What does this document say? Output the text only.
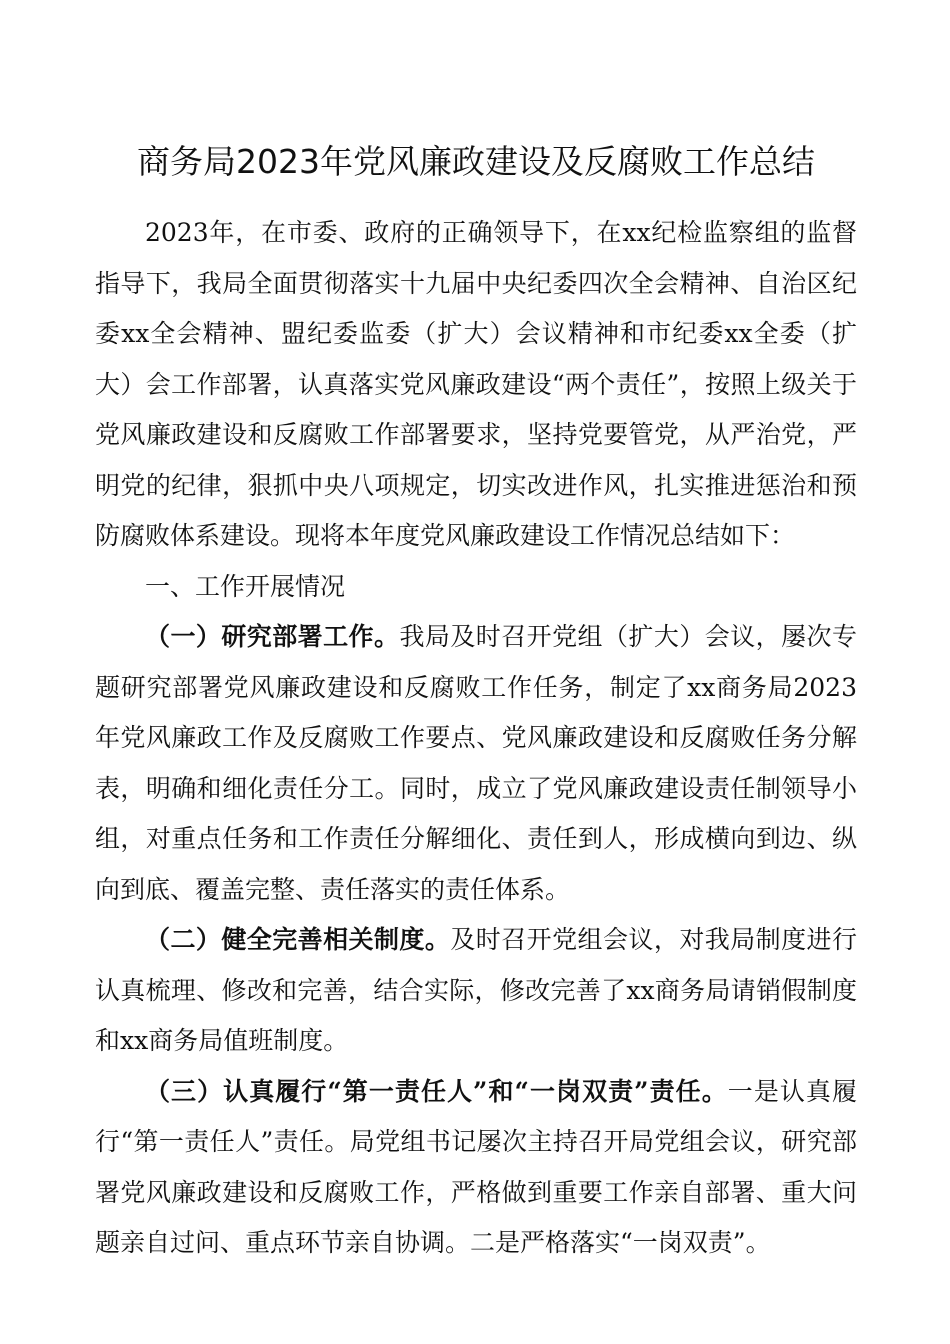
商务局2023年党风廉政建设及反腐败工作总结

2023年，在市委、政府的正确领导下，在xx纪检监察组的监督指导下，我局全面贯彻落实十九届中央纪委四次全会精神、自治区纪委xx全会精神、盟纪委监委（扩大）会议精神和市纪委xx全委（扩大）会工作部署，认真落实党风廉政建设“两个责任”，按照上级关于党风廉政建设和反腐败工作部署要求，坚持党要管党，从严治党，严明党的纪律，狠抓中央八项规定，切实改进作风，扎实推进惩治和预防腐败体系建设。现将本年度党风廉政建设工作情况总结如下：

一、工作开展情况

（一）研究部署工作。我局及时召开党组（扩大）会议，屡次专题研究部署党风廉政建设和反腐败工作任务，制定了xx商务局2023年党风廉政工作及反腐败工作要点、党风廉政建设和反腐败任务分解表，明确和细化责任分工。同时，成立了党风廉政建设责任制领导小组，对重点任务和工作责任分解细化、责任到人，形成横向到边、纵向到底、覆盖完整、责任落实的责任体系。

（二）健全完善相关制度。及时召开党组会议，对我局制度进行认真梳理、修改和完善，结合实际，修改完善了xx商务局请销假制度和xx商务局值班制度。

（三）认真履行“第一责任人”和“一岗双责”责任。一是认真履行“第一责任人”责任。局党组书记屡次主持召开局党组会议，研究部署党风廉政建设和反腐败工作，严格做到重要工作亲自部署、重大问题亲自过问、重点环节亲自协调。二是严格落实“一岗双责”。
